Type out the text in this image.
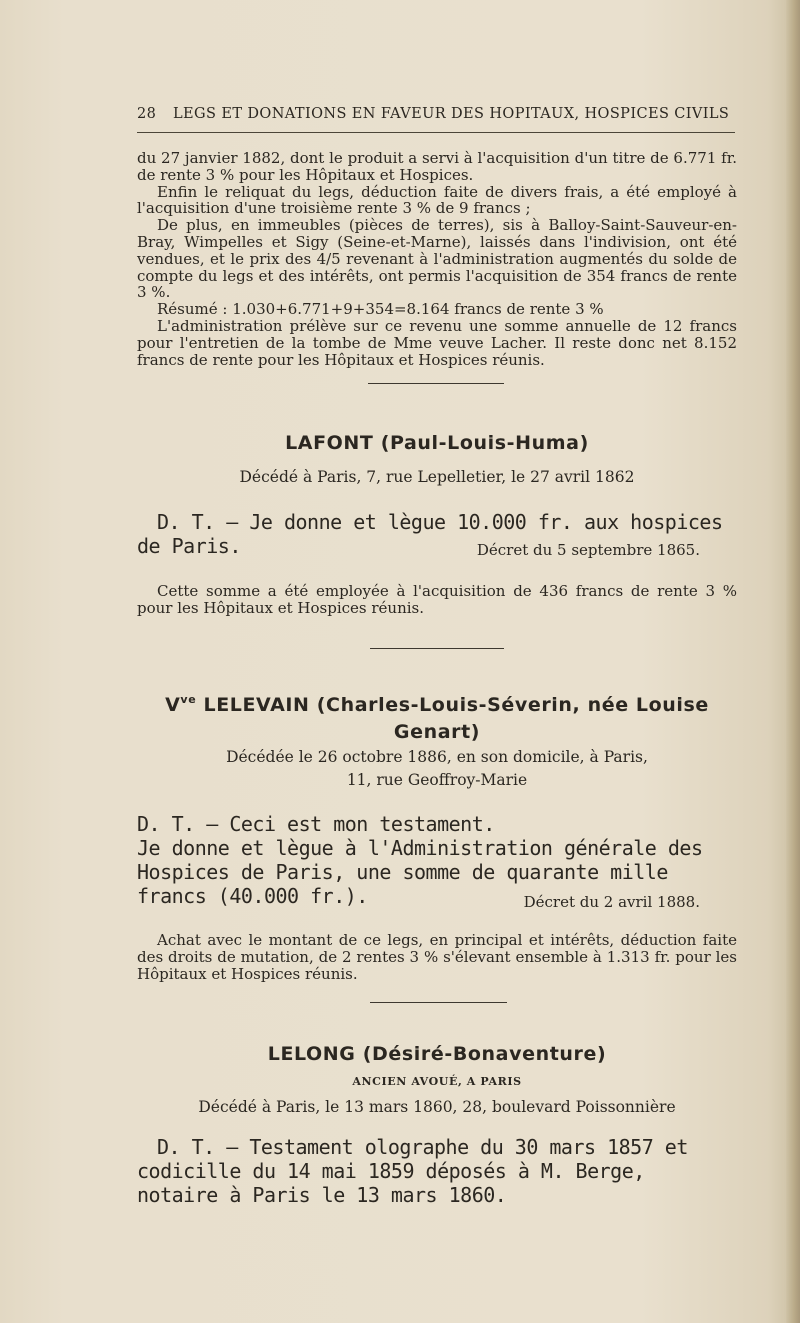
28 LEGS ET DONATIONS EN FAVEUR DES HOPITAUX, HOSPICES CIVILS

du 27 janvier 1882, dont le produit a servi à l'acquisition d'un titre de 6.771 fr. de rente 3 % pour les Hôpitaux et Hospices.

Enfin le reliquat du legs, déduction faite de divers frais, a été employé à l'acquisition d'une troisième rente 3 % de 9 francs ;

De plus, en immeubles (pièces de terres), sis à Balloy-Saint-Sauveur-en-Bray, Wimpelles et Sigy (Seine-et-Marne), laissés dans l'indivision, ont été vendues, et le prix des 4/5 revenant à l'administration augmentés du solde de compte du legs et des intérêts, ont permis l'acquisition de 354 francs de rente 3 %.

Résumé : 1.030+6.771+9+354=8.164 francs de rente 3 %

L'administration prélève sur ce revenu une somme annuelle de 12 francs pour l'entretien de la tombe de Mme veuve Lacher. Il reste donc net 8.152 francs de rente pour les Hôpitaux et Hospices réunis.

LAFONT (Paul-Louis-Huma)
Décédé à Paris, 7, rue Lepelletier, le 27 avril 1862
D. T. — Je donne et lègue 10.000 fr. aux hospices de Paris.	Décret du 5 septembre 1865.
Cette somme a été employée à l'acquisition de 436 francs de rente 3 % pour les Hôpitaux et Hospices réunis.
$V^{ve}$ LELEVAIN (Charles-Louis-Séverin, née Louise Genart)
Décédée le 26 octobre 1886, en son domicile, à Paris,
11, rue Geoffroy-Marie

D. T. — Ceci est mon testament.

Je donne et lègue à l'Administration générale des Hospices de Paris, une somme de quarante mille francs (40.000 fr.).	Décret du 2 avril 1888.
Achat avec le montant de ce legs, en principal et intérêts, déduction faite des droits de mutation, de 2 rentes 3 % s'élevant ensemble à 1.313 fr. pour les Hôpitaux et Hospices réunis.
LELONG (Désiré-Bonaventure)
ANCIEN AVOUÉ, A PARIS
Décédé à Paris, le 13 mars 1860, 28, boulevard Poissonnière
D. T. — Testament olographe du 30 mars 1857 et codicille du 14 mai 1859 déposés à M. Berge, notaire à Paris le 13 mars 1860.
